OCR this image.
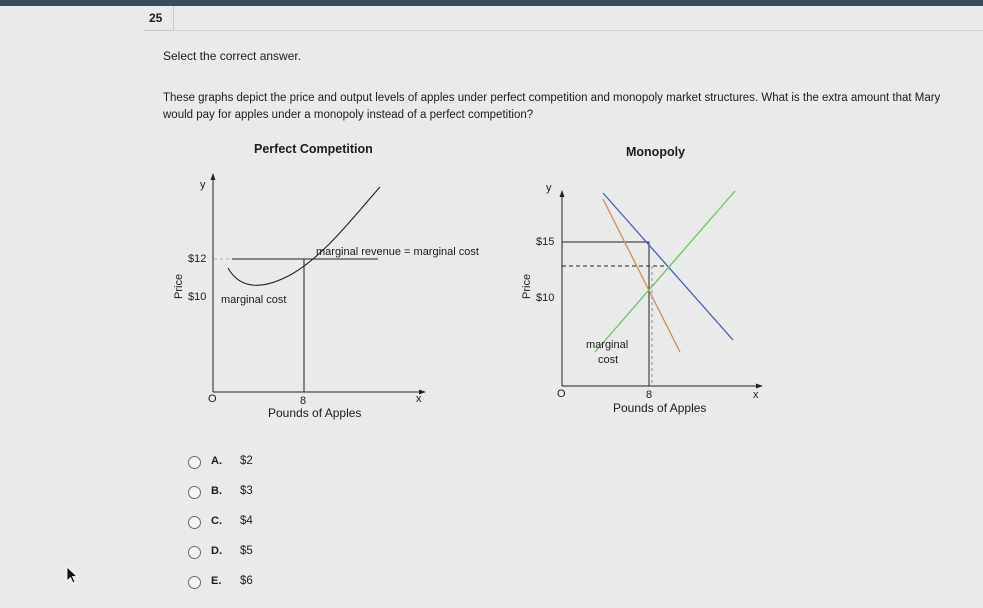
25
Select the correct answer.
These graphs depict the price and output levels of apples under perfect competition and monopoly market structures. What is the extra amount that Mary would pay for apples under a monopoly instead of a perfect competition?
Perfect Competition
y
x
O
$12
$10
Price
8
marginal revenue = marginal cost
marginal cost
Pounds of Apples
Monopoly
y
x
O
$15
$10
Price
marginal
cost
8
Pounds of Apples
A. $2
B. $3
C. $4
D. $5
E. $6
